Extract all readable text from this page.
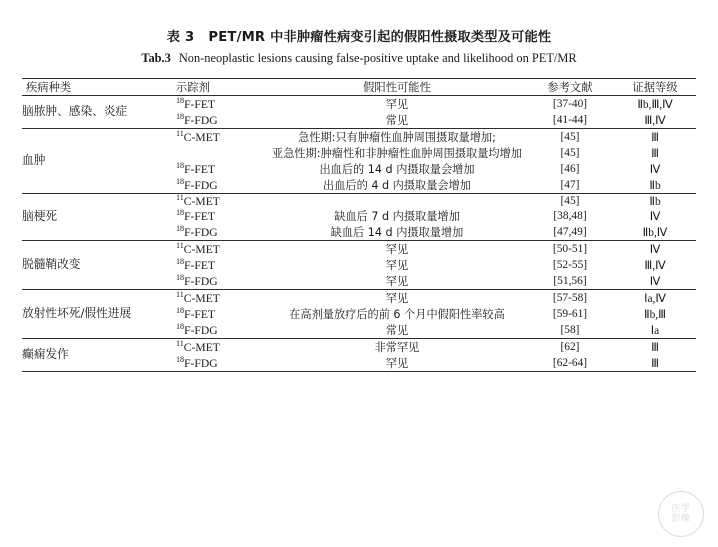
表 3 PET/MR 中非肿瘤性病变引起的假阳性摄取类型及可能性
Tab.3 Non-neoplastic lesions causing false-positive uptake and likelihood on PET/MR

疾病种类	示踪剂	假阳性可能性	参考文献	证据等级

脑脓肿、感染、炎症	$^{18}$F-FET	罕见	[37-40]	Ⅱb,Ⅲ,Ⅳ
	$^{18}$F-FDG	常见	[41-44]	Ⅲ,Ⅳ

血肿	$^{11}$C-MET	急性期:只有肿瘤性血肿周围摄取量增加;	[45]	Ⅲ
		亚急性期:肿瘤性和非肿瘤性血肿周围摄取量均增加	[45]	Ⅲ
	$^{18}$F-FET	出血后的 14 d 内摄取量会增加	[46]	Ⅳ
	$^{18}$F-FDG	出血后的 4 d 内摄取量会增加	[47]	Ⅱb

脑梗死	$^{11}$C-MET		[45]	Ⅱb
	$^{18}$F-FET	缺血后 7 d 内摄取量增加	[38,48]	Ⅳ
	$^{18}$F-FDG	缺血后 14 d 内摄取量增加	[47,49]	Ⅱb,Ⅳ

脱髓鞘改变	$^{11}$C-MET	罕见	[50-51]	Ⅳ
	$^{18}$F-FET	罕见	[52-55]	Ⅲ,Ⅳ
	$^{18}$F-FDG	罕见	[51,56]	Ⅳ

放射性坏死/假性进展	$^{11}$C-MET	罕见	[57-58]	Ⅰa,Ⅳ
	$^{18}$F-FET	在高剂量放疗后的前 6 个月中假阳性率较高	[59-61]	Ⅱb,Ⅲ
	$^{18}$F-FDG	常见	[58]	Ⅰa

癫痫发作	$^{11}$C-MET	非常罕见	[62]	Ⅲ
	$^{18}$F-FDG	罕见	[62-64]	Ⅲ

医学
影像
